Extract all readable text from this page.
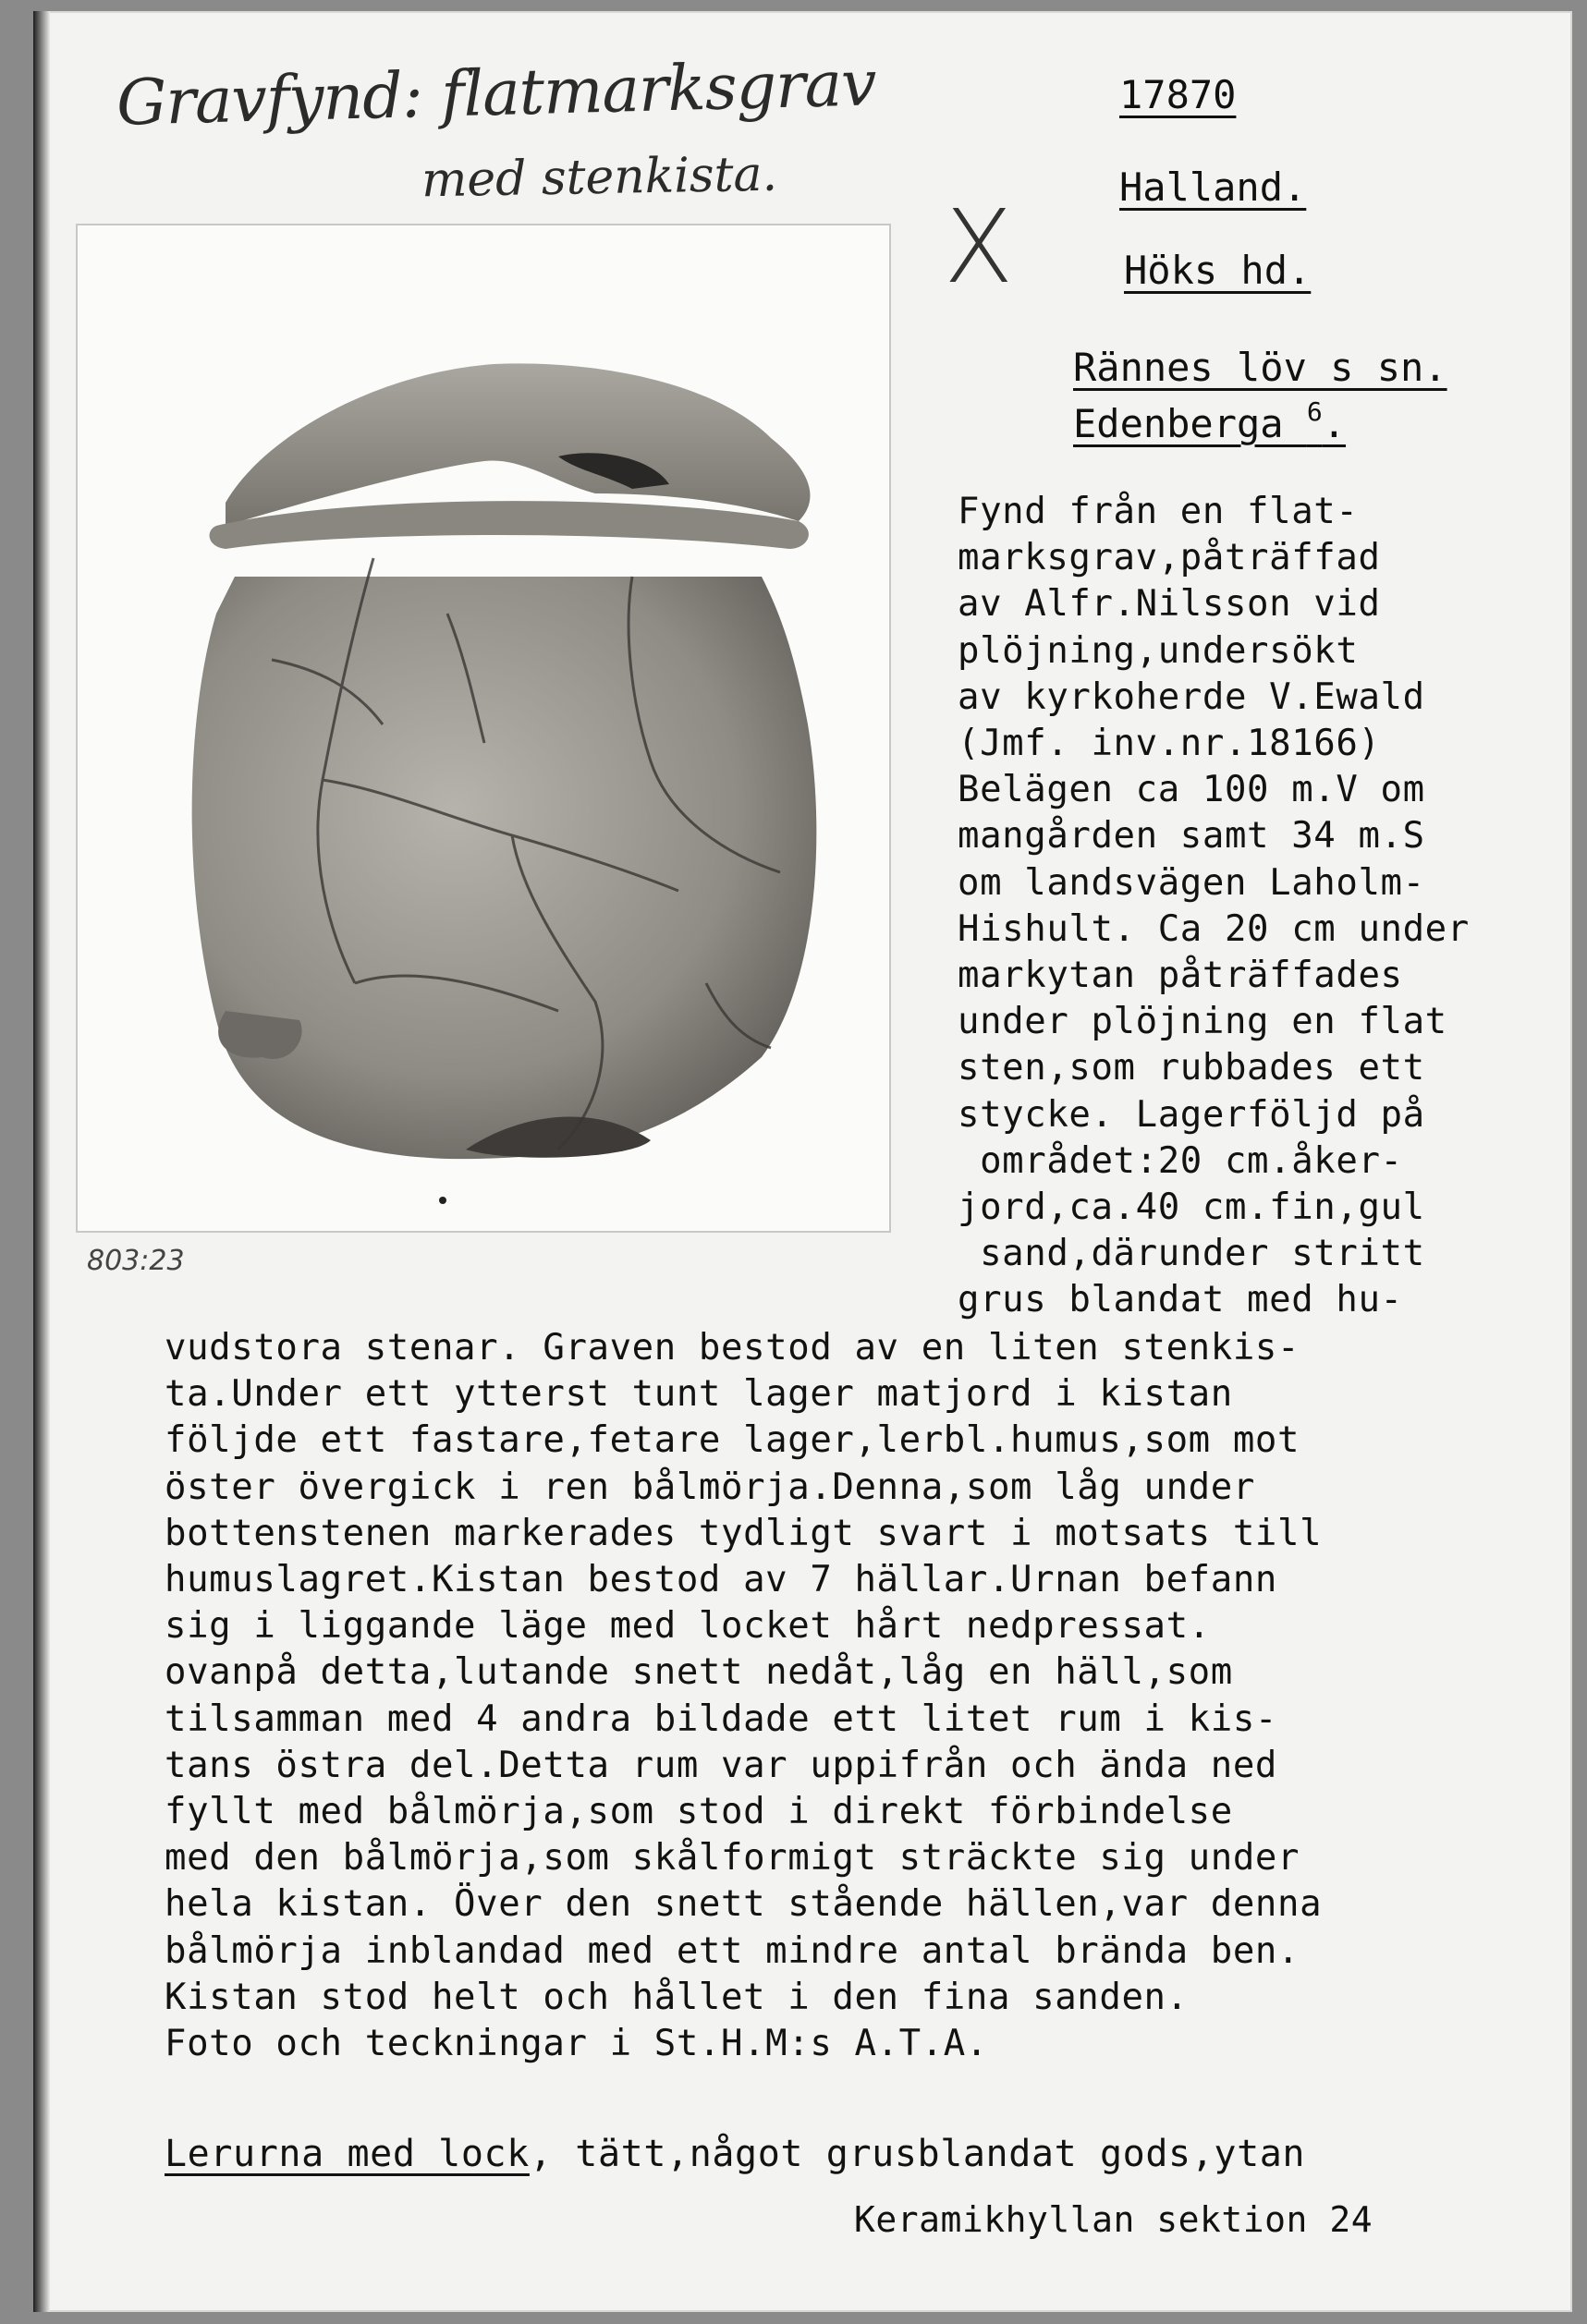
Gravfynd: flatmarksgrav
med stenkista.
X
17870
Halland.
Höks hd.
Rännes löv s sn.
Edenberga $^6$.
803:23
Fynd från en flat-
marksgrav,påträffad
av Alfr.Nilsson vid
plöjning,undersökt
av kyrkoherde V.Ewald
(Jmf. inv.nr.18166)
Belägen ca 100 m.V om
mangården samt 34 m.S
om landsvägen Laholm-
Hishult. Ca 20 cm under
markytan påträffades
under plöjning en flat
sten,som rubbades ett
stycke. Lagerföljd på
området:20 cm.åker-
jord,ca.40 cm.fin,gul
sand,därunder stritt
grus blandat med hu-
vudstora stenar. Graven bestod av en liten stenkis-
ta.Under ett ytterst tunt lager matjord i kistan
följde ett fastare,fetare lager,lerbl.humus,som mot
öster övergick i ren bålmörja.Denna,som låg under
bottenstenen markerades tydligt svart i motsats till
humuslagret.Kistan bestod av 7 hällar.Urnan befann
sig i liggande läge med locket hårt nedpressat.
ovanpå detta,lutande snett nedåt,låg en häll,som
tilsamman med 4 andra bildade ett litet rum i kis-
tans östra del.Detta rum var uppifrån och ända ned
fyllt med bålmörja,som stod i direkt förbindelse
med den bålmörja,som skålformigt sträckte sig under
hela kistan. Över den snett stående hällen,var denna
bålmörja inblandad med ett mindre antal brända ben.
Kistan stod helt och hållet i den fina sanden.
Foto och teckningar i St.H.M:s A.T.A.
Lerurna med lock, tätt,något grusblandat gods,ytan
Keramikhyllan sektion 24
